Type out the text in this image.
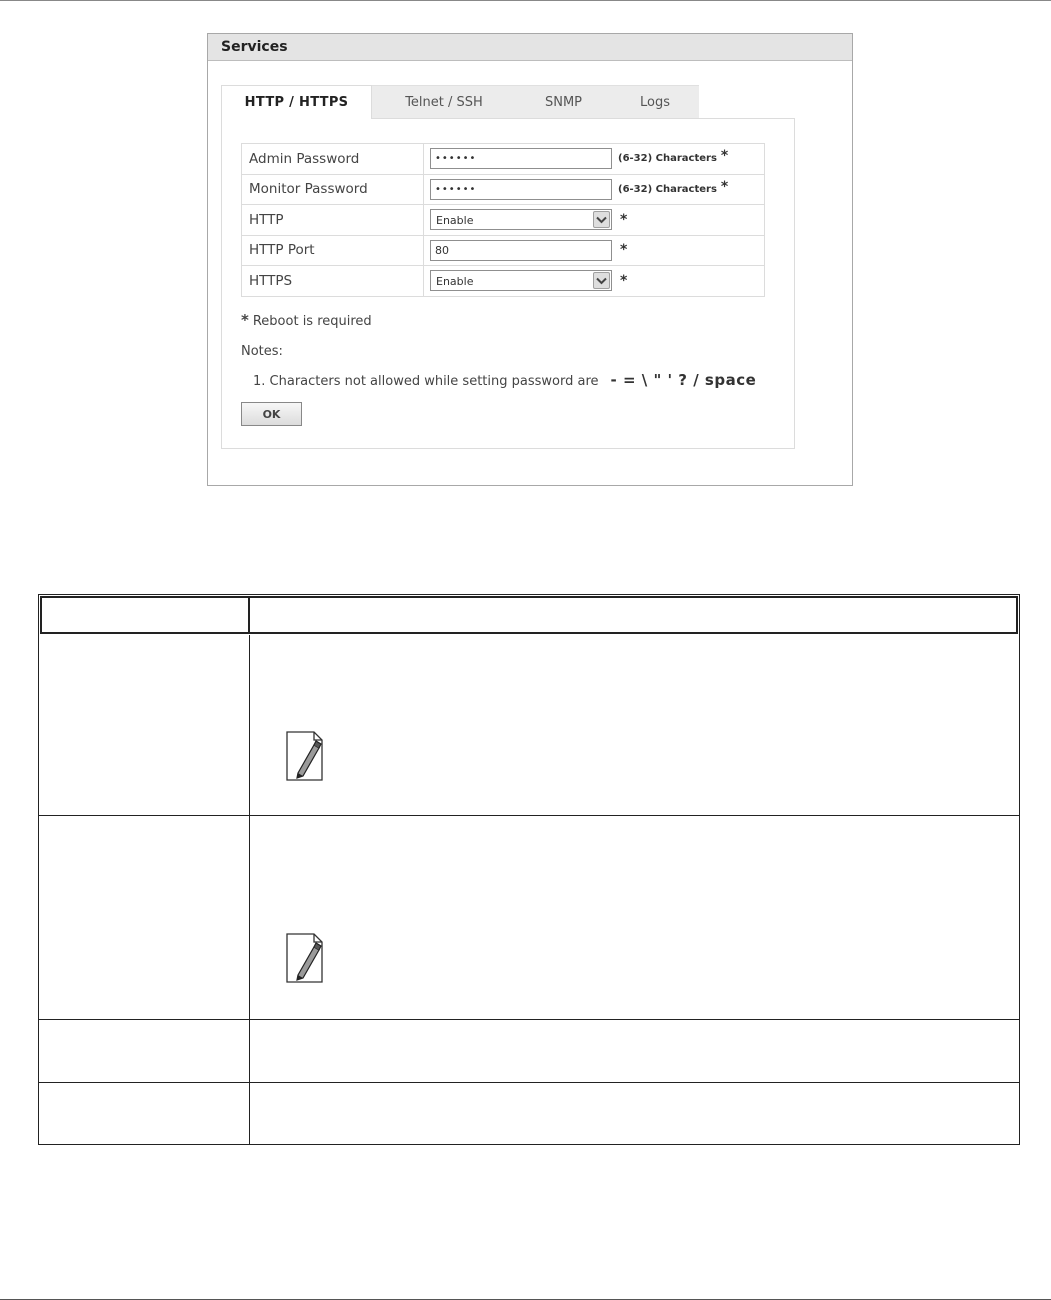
Services
HTTP / HTTPS	Telnet / SSH	SNMP	Logs
Admin Password	•••••• (6-32) Characters *
Monitor Password	•••••• (6-32) Characters *
HTTP	Enable *
HTTP Port	80 *
HTTPS	Enable *
* Reboot is required
Notes:
1. Characters not allowed while setting password are - = \ " ' ? / space
OK
